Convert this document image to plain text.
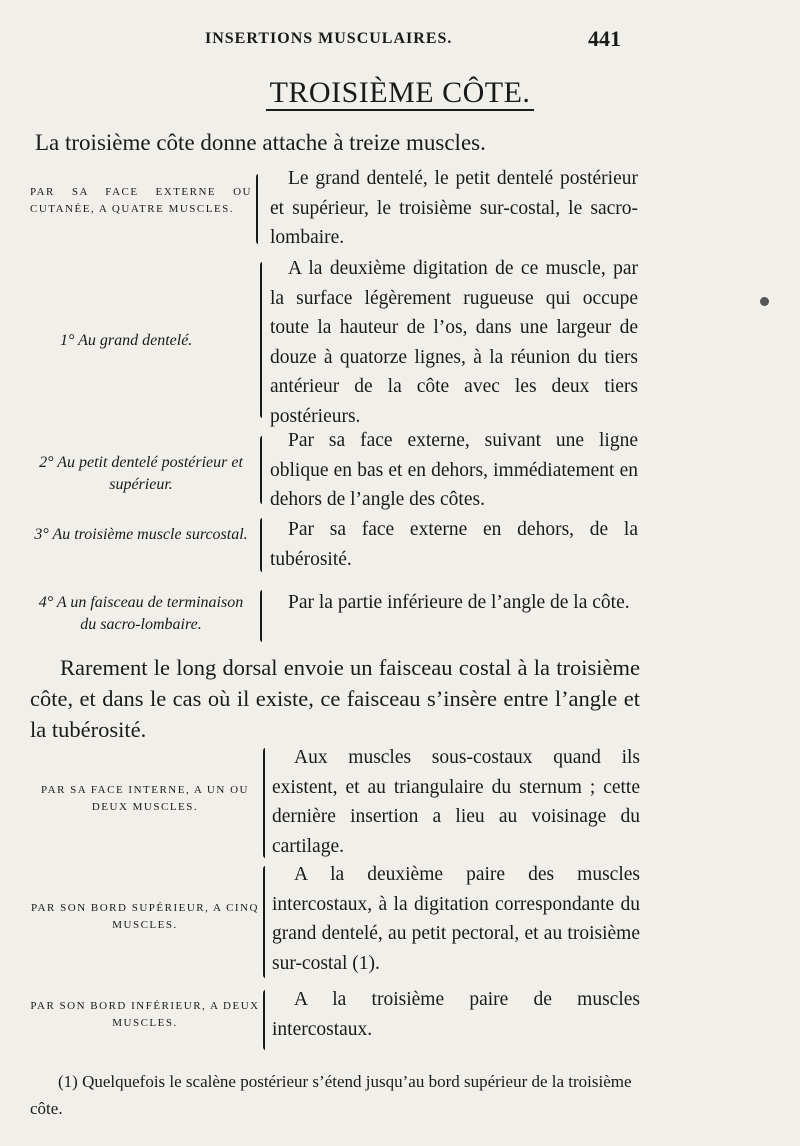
INSERTIONS MUSCULAIRES.	441
TROISIÈME CÔTE.
La troisième côte donne attache à treize muscles.
PAR SA FACE EXTERNE OU CUTANÉE, A QUATRE MUSCLES.
Le grand dentelé, le petit dentelé postérieur et supérieur, le troisième sur-costal, le sacro-lombaire.
1° Au grand dentelé.
A la deuxième digitation de ce muscle, par la surface légèrement rugueuse qui occupe toute la hauteur de l’os, dans une largeur de douze à quatorze lignes, à la réunion du tiers antérieur de la côte avec les deux tiers postérieurs.
2° Au petit dentelé postérieur et supérieur.
Par sa face externe, suivant une ligne oblique en bas et en dehors, immédiatement en dehors de l’angle des côtes.
3° Au troisième muscle surcostal.	Par sa face externe en dehors, de la tubérosité.
4° A un faisceau de terminaison du sacro-lombaire.
Par la partie inférieure de l’angle de la côte.
Rarement le long dorsal envoie un faisceau costal à la troisième côte, et dans le cas où il existe, ce faisceau s’insère entre l’angle et la tubérosité.
PAR SA FACE INTERNE, A UN OU DEUX MUSCLES.
Aux muscles sous-costaux quand ils existent, et au triangulaire du sternum ; cette dernière insertion a lieu au voisinage du cartilage.
PAR SON BORD SUPÉRIEUR, A CINQ MUSCLES.
A la deuxième paire des muscles intercostaux, à la digitation correspondante du grand dentelé, au petit pectoral, et au troisième sur-costal (1).
PAR SON BORD INFÉRIEUR, A DEUX MUSCLES.
A la troisième paire de muscles intercostaux.
(1) Quelquefois le scalène postérieur s’étend jusqu’au bord supérieur de la troisième côte.
